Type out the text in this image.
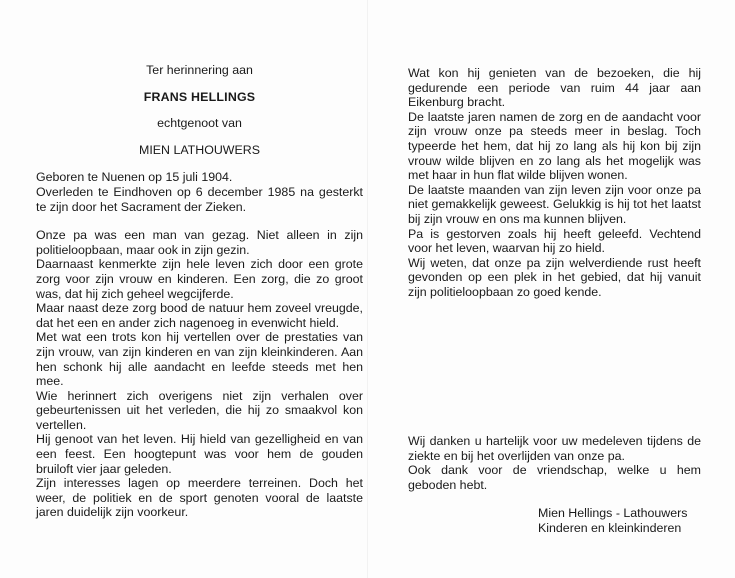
Ter herinnering aan
FRANS HELLINGS
echtgenoot van
MIEN LATHOUWERS

Geboren te Nuenen op 15 juli 1904.

Overleden te Eindhoven op 6 december 1985 na gesterkt te zijn door het Sacrament der Zieken.

Onze pa was een man van gezag. Niet alleen in zijn politieloopbaan, maar ook in zijn gezin.

Daarnaast kenmerkte zijn hele leven zich door een grote zorg voor zijn vrouw en kinderen. Een zorg, die zo groot was, dat hij zich geheel wegcijferde.

Maar naast deze zorg bood de natuur hem zoveel vreugde, dat het een en ander zich nagenoeg in evenwicht hield.

Met wat een trots kon hij vertellen over de prestaties van zijn vrouw, van zijn kinderen en van zijn kleinkinderen. Aan hen schonk hij alle aandacht en leefde steeds met hen mee.

Wie herinnert zich overigens niet zijn verhalen over gebeurtenissen uit het verleden, die hij zo smaakvol kon vertellen.

Hij genoot van het leven. Hij hield van gezelligheid en van een feest. Een hoogtepunt was voor hem de gouden bruiloft vier jaar geleden.

Zijn interesses lagen op meerdere terreinen. Doch het weer, de politiek en de sport genoten vooral de laatste jaren duidelijk zijn voorkeur.

Wat kon hij genieten van de bezoeken, die hij gedurende een periode van ruim 44 jaar aan Eikenburg bracht.

De laatste jaren namen de zorg en de aandacht voor zijn vrouw onze pa steeds meer in beslag. Toch typeerde het hem, dat hij zo lang als hij kon bij zijn vrouw wilde blijven en zo lang als het mogelijk was met haar in hun flat wilde blijven wonen.

De laatste maanden van zijn leven zijn voor onze pa niet gemakkelijk geweest. Gelukkig is hij tot het laatst bij zijn vrouw en ons ma kunnen blijven.

Pa is gestorven zoals hij heeft geleefd. Vechtend voor het leven, waarvan hij zo hield.

Wij weten, dat onze pa zijn welverdiende rust heeft gevonden op een plek in het gebied, dat hij vanuit zijn politieloopbaan zo goed kende.

Wij danken u hartelijk voor uw medeleven tijdens de ziekte en bij het overlijden van onze pa.

Ook dank voor de vriendschap, welke u hem geboden hebt.

Mien Hellings - Lathouwers
Kinderen en kleinkinderen
